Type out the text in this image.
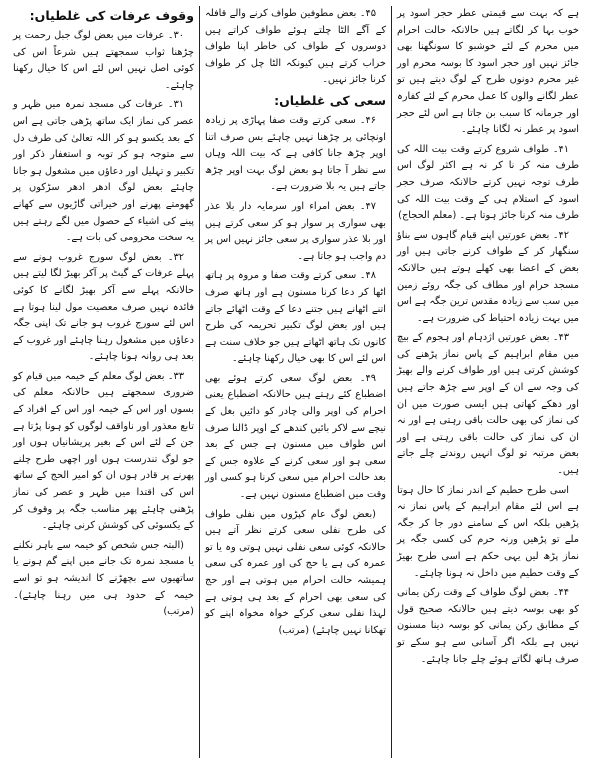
ہے کہ بہت سے قیمتی عطر حجر اسود پر خوب بہا کر لگاتے ہیں حالانکہ حالت احرام میں محرم کے لئے خوشبو کا سونگھنا بھی جائز نہیں اور حجر اسود کا بوسہ محرم اور غیر محرم دونوں طرح کے لوگ دیتے ہیں تو عطر لگانے والوں کا عمل محرم کے لئے کفارہ اور جرمانہ کا سبب بن جاتا ہے اس لئے حجر اسود پر عطر نہ لگانا چاہئے۔

۴۱۔ طواف شروع کرتے وقت بیت اللہ کی طرف منہ کر نا کر نہ ہے اکثر لوگ اس طرف توجہ نہیں کرتے حالانکہ صرف حجر اسود کے استلام ہی کے وقت بیت اللہ کی طرف منہ کرنا جائز ہوتا ہے۔ (معلم الحجاج)

۴۲۔ بعض عورتیں اپنے قیام گاہوں سے بناؤ سنگھار کر کے طواف کرنے جاتی ہیں اور بعض کے اعضا بھی کھلے ہوتے ہیں حالانکہ مسجد حرام اور مطاف کی جگہ روئے زمین میں سب سے زیادہ مقدس ترین جگہ ہے اس میں بہت زیادہ احتیاط کی ضرورت ہے۔

۴۳۔ بعض عورتیں اژدہام اور ہجوم کے بیچ میں مقام ابراہیم کے پاس نماز پڑھنے کی کوشش کرتی ہیں اور طواف کرنے والے بھیڑ کی وجہ سے ان کے اوپر سے چڑھ جاتے ہیں اور دھکے کھاتی ہیں ایسی صورت میں ان کی نماز کی بھی حالت باقی رہتی ہے اور نہ ان کی نماز کی حالت باقی رہتی ہے اور بعض مرتبہ تو لوگ انہیں روندتے چلے جاتے ہیں۔

اسی طرح حطیم کے اندر نماز کا حال ہوتا ہے اس لئے مقام ابراہیم کے پاس نماز نہ پڑھیں بلکہ اس کے سامنے دور جا کر جگہ ملے تو پڑھیں ورنہ حرم کی کسی جگہ پر نماز پڑھ لیں یہی حکم ہے اسی طرح بھیڑ کے وقت حطیم میں داخل نہ ہونا چاہئے۔

۴۴۔ بعض لوگ طواف کے وقت رکن یمانی کو بھی بوسہ دیتے ہیں حالانکہ صحیح قول کے مطابق رکن یمانی کو بوسہ دینا مسنون نہیں ہے بلکہ اگر آسانی سے ہو سکے تو صرف ہاتھ لگاتے ہوئے چلے جانا چاہئے۔

۴۵۔ بعض مطوفین طواف کرنے والے قافلہ کے آگے الٹا چلتے ہوئے طواف کراتے ہیں دوسروں کے طواف کی خاطر اپنا طواف خراب کرتے ہیں کیونکہ الٹا چل کر طواف کرنا جائز نہیں۔

سعی کی غلطیاں:

۴۶۔ سعی کرتے وقت صفا پہاڑی پر زیادہ اونچائی پر چڑھنا نہیں چاہئے بس صرف اتنا اوپر چڑھ جانا کافی ہے کہ بیت اللہ وہاں سے نظر آ جاتا ہو بعض لوگ بہت اوپر چڑھ جاتے ہیں یہ بلا ضرورت ہے۔

۴۷۔ بعض امراء اور سرمایہ دار بلا عذر بھی سواری پر سوار ہو کر سعی کرتے ہیں اور بلا عذر سواری پر سعی جائز نہیں اس پر دم واجب ہو جاتا ہے۔

۴۸۔ سعی کرتے وقت صفا و مروہ پر ہاتھ اٹھا کر دعا کرنا مسنون ہے اور ہاتھ صرف اتنے اٹھانے ہیں جتنے دعا کے وقت اٹھائے جاتے ہیں اور بعض لوگ تکبیر تحریمہ کی طرح کانوں تک ہاتھ اٹھاتے ہیں جو خلاف سنت ہے اس لئے اس کا بھی خیال رکھنا چاہئے۔

۴۹۔ بعض لوگ سعی کرتے ہوئے بھی اضطباع کئے رہتے ہیں حالانکہ اضطباع یعنی احرام کی اوپر والی چادر کو دائیں بغل کے نیچے سے لاکر بائیں کندھے کے اوپر ڈالنا صرف اس طواف میں مسنون ہے جس کے بعد سعی ہو اور سعی کرنے کے علاوہ جس کے بعد حالت احرام میں سعی کرنا ہو کسی اور وقت میں اضطباع مسنون نہیں ہے۔

(بعض لوگ عام کپڑوں میں نفلی طواف کی طرح نفلی سعی کرتے نظر آتے ہیں حالانکہ کوئی سعی نفلی نہیں ہوتی وہ یا تو عمرہ کی ہے یا حج کی اور عمرہ کی سعی ہمیشہ حالت احرام میں ہوتی ہے اور حج کی سعی بھی احرام کے بعد ہی ہوتی ہے لہذا نفلی سعی کرکے خواہ مخواہ اپنے کو تھکانا نہیں چاہئے) (مرتب)

وقوف عرفات کی غلطیاں:

۳۰۔ عرفات میں بعض لوگ جبل رحمت پر چڑھنا ثواب سمجھتے ہیں شرعاً اس کی کوئی اصل نہیں اس لئے اس کا خیال رکھنا چاہئے۔

۳۱۔ عرفات کی مسجد نمرہ میں ظہر و عصر کی نماز ایک ساتھ پڑھی جاتی ہے اس کے بعد یکسو ہو کر اللہ تعالیٰ کی طرف دل سے متوجہ ہو کر توبہ و استغفار ذکر اور تکبیر و تہلیل اور دعاؤں میں مشغول ہو جانا چاہئے بعض لوگ ادھر ادھر سڑکوں پر گھومتے پھرنے اور خیراتی گاڑیوں سے کھانے پینے کی اشیاء کے حصول میں لگے رہتے ہیں یہ سخت محرومی کی بات ہے۔

۳۲۔ بعض لوگ سورج غروب ہونے سے پہلے عرفات کے گیٹ پر آکر بھیڑ لگا لیتے ہیں حالانکہ پہلے سے آکر بھیڑ لگانے کا کوئی فائدہ نہیں صرف معصیت مول لینا ہوتا ہے اس لئے سورج غروب ہو جانے تک اپنی جگہ دعاؤں میں مشغول رہنا چاہئے اور غروب کے بعد ہی روانہ ہونا چاہئے۔

۳۳۔ بعض لوگ معلم کے خیمہ میں قیام کو ضروری سمجھتے ہیں حالانکہ معلم کی بسوں اور اس کے خیمہ اور اس کے افراد کے تابع معذور اور ناواقف لوگوں کو ہونا پڑتا ہے جن کے لئے اس کے بغیر پریشانیاں ہوں اور جو لوگ تندرست ہوں اور اچھی طرح چلنے پھرنے پر قادر ہوں ان کو امیر الحج کے ساتھ اس کی اقتدا میں ظہر و عصر کی نماز پڑھنی چاہئے پھر مناسب جگہ پر وقوف کر کے یکسوئی کی کوشش کرنی چاہئے۔

(البتہ جس شخص کو خیمہ سے باہر نکلنے یا مسجد نمرہ تک جانے میں اپنے گم ہونے یا ساتھیوں سے بچھڑنے کا اندیشہ ہو تو اسے خیمہ کے حدود ہی میں رہنا چاہئے)۔ (مرتب)
